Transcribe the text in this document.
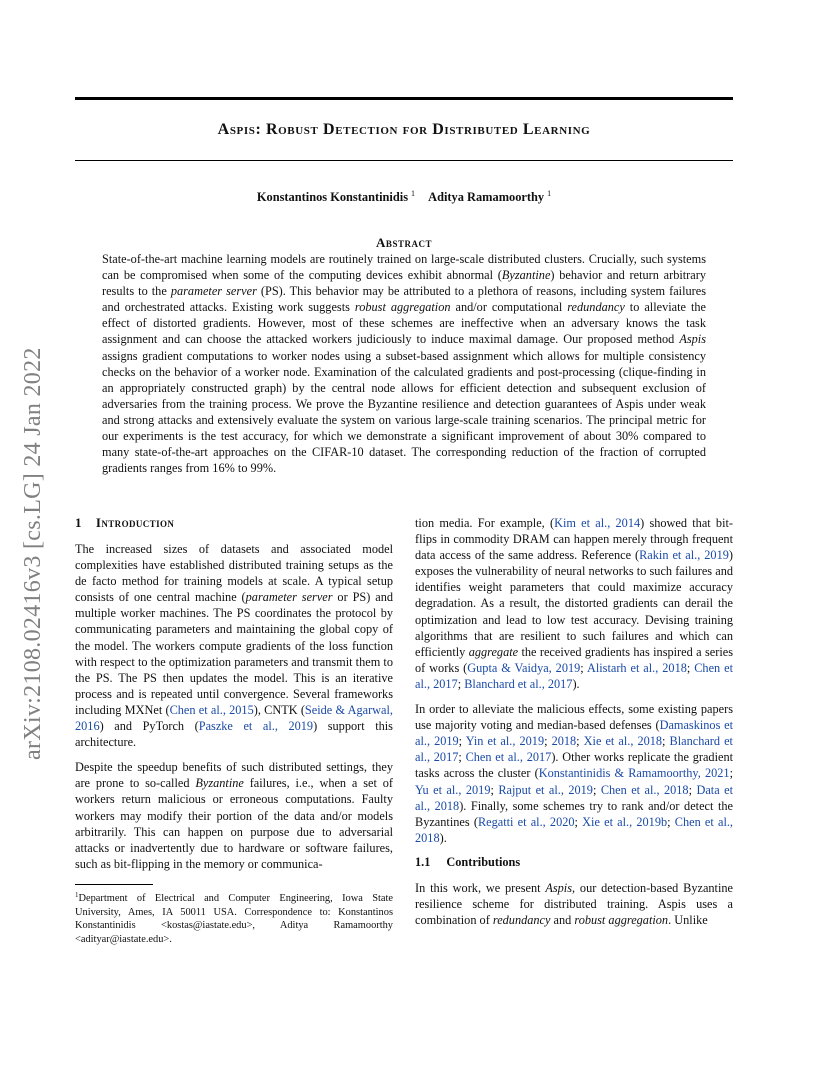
Aspis: Robust Detection for Distributed Learning
Konstantinos Konstantinidis $^1$ Aditya Ramamoorthy $^1$
arXiv:2108.02416v3 [cs.LG] 24 Jan 2022
Abstract

State-of-the-art machine learning models are routinely trained on large-scale distributed clusters. Crucially, such systems can be compromised when some of the computing devices exhibit abnormal (Byzantine) behavior and return arbitrary results to the parameter server (PS). This behavior may be attributed to a plethora of reasons, including system failures and orchestrated attacks. Existing work suggests robust aggregation and/or computational redundancy to alleviate the effect of distorted gradients. However, most of these schemes are ineffective when an adversary knows the task assignment and can choose the attacked workers judiciously to induce maximal damage. Our proposed method Aspis assigns gradient computations to worker nodes using a subset-based assignment which allows for multiple consistency checks on the behavior of a worker node. Examination of the calculated gradients and post-processing (clique-finding in an appropriately constructed graph) by the central node allows for efficient detection and subsequent exclusion of adversaries from the training process. We prove the Byzantine resilience and detection guarantees of Aspis under weak and strong attacks and extensively evaluate the system on various large-scale training scenarios. The principal metric for our experiments is the test accuracy, for which we demonstrate a significant improvement of about 30% compared to many state-of-the-art approaches on the CIFAR-10 dataset. The corresponding reduction of the fraction of corrupted gradients ranges from 16% to 99%.

1 Introduction

The increased sizes of datasets and associated model complexities have established distributed training setups as the de facto method for training models at scale. A typical setup consists of one central machine (parameter server or PS) and multiple worker machines. The PS coordinates the protocol by communicating parameters and maintaining the global copy of the model. The workers compute gradients of the loss function with respect to the optimization parameters and transmit them to the PS. The PS then updates the model. This is an iterative process and is repeated until convergence. Several frameworks including MXNet (Chen et al., 2015), CNTK (Seide & Agarwal, 2016) and PyTorch (Paszke et al., 2019) support this architecture.

Despite the speedup benefits of such distributed settings, they are prone to so-called Byzantine failures, i.e., when a set of workers return malicious or erroneous computations. Faulty workers may modify their portion of the data and/or models arbitrarily. This can happen on purpose due to adversarial attacks or inadvertently due to hardware or software failures, such as bit-flipping in the memory or communica-

$^1$Department of Electrical and Computer Engineering, Iowa State University, Ames, IA 50011 USA. Correspondence to: Konstantinos Konstantinidis <kostas@iastate.edu>, Aditya Ramamoorthy <adityar@iastate.edu>.

tion media. For example, (Kim et al., 2014) showed that bit-flips in commodity DRAM can happen merely through frequent data access of the same address. Reference (Rakin et al., 2019) exposes the vulnerability of neural networks to such failures and identifies weight parameters that could maximize accuracy degradation. As a result, the distorted gradients can derail the optimization and lead to low test accuracy. Devising training algorithms that are resilient to such failures and which can efficiently aggregate the received gradients has inspired a series of works (Gupta & Vaidya, 2019; Alistarh et al., 2018; Chen et al., 2017; Blanchard et al., 2017).

In order to alleviate the malicious effects, some existing papers use majority voting and median-based defenses (Damaskinos et al., 2019; Yin et al., 2019; 2018; Xie et al., 2018; Blanchard et al., 2017; Chen et al., 2017). Other works replicate the gradient tasks across the cluster (Konstantinidis & Ramamoorthy, 2021; Yu et al., 2019; Rajput et al., 2019; Chen et al., 2018; Data et al., 2018). Finally, some schemes try to rank and/or detect the Byzantines (Regatti et al., 2020; Xie et al., 2019b; Chen et al., 2018).

1.1 Contributions

In this work, we present Aspis, our detection-based Byzantine resilience scheme for distributed training. Aspis uses a combination of redundancy and robust aggregation. Unlike
